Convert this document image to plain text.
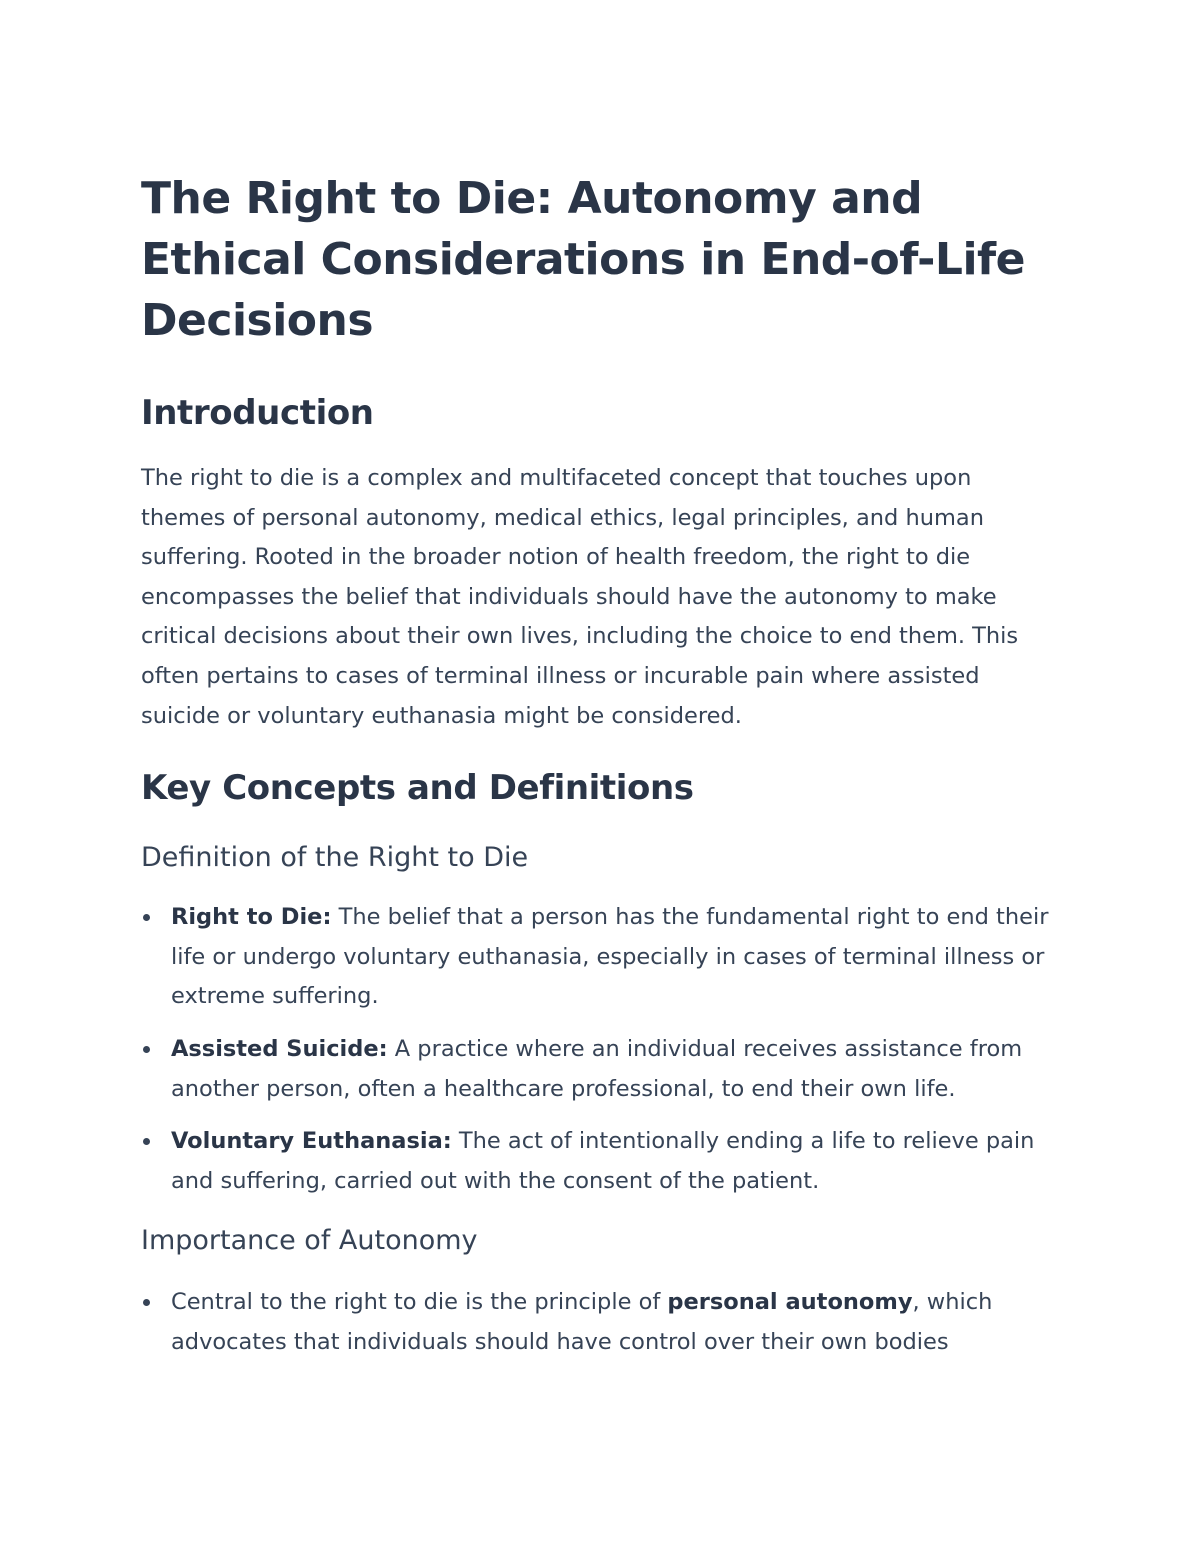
The Right to Die: Autonomy and Ethical Considerations in End-of-Life Decisions
Introduction

The right to die is a complex and multifaceted concept that touches upon themes of personal autonomy, medical ethics, legal principles, and human suffering. Rooted in the broader notion of health freedom, the right to die encompasses the belief that individuals should have the autonomy to make critical decisions about their own lives, including the choice to end them. This often pertains to cases of terminal illness or incurable pain where assisted suicide or voluntary euthanasia might be considered.

Key Concepts and Definitions
Definition of the Right to Die
Right to Die: The belief that a person has the fundamental right to end their life or undergo voluntary euthanasia, especially in cases of terminal illness or extreme suffering.
Assisted Suicide: A practice where an individual receives assistance from another person, often a healthcare professional, to end their own life.
Voluntary Euthanasia: The act of intentionally ending a life to relieve pain and suffering, carried out with the consent of the patient.
Importance of Autonomy
Central to the right to die is the principle of personal autonomy, which advocates that individuals should have control over their own bodies
